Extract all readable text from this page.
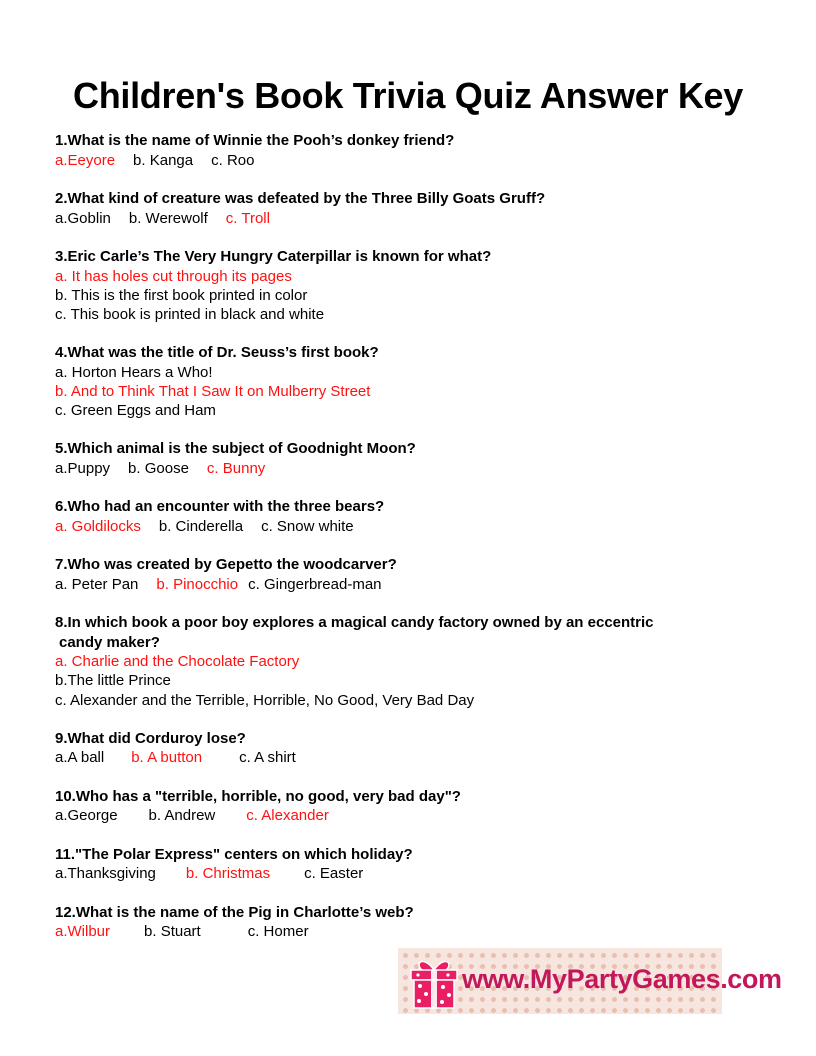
Children's Book Trivia Quiz Answer Key
1.What is the name of Winnie the Pooh’s donkey friend?
a.Eeyore b. Kanga c. Roo
2.What kind of creature was defeated by the Three Billy Goats Gruff?
a.Goblin b. Werewolf c. Troll
3.Eric Carle’s The Very Hungry Caterpillar is known for what?
a. It has holes cut through its pages
b. This is the first book printed in color
c. This book is printed in black and white
4.What was the title of Dr. Seuss’s first book?
a. Horton Hears a Who!
b. And to Think That I Saw It on Mulberry Street
c. Green Eggs and Ham
5.Which animal is the subject of Goodnight Moon?
a.Puppy b. Goose c. Bunny
6.Who had an encounter with the three bears?
a. Goldilocks b. Cinderella c. Snow white
7.Who was created by Gepetto the woodcarver?
a. Peter Pan b. Pinocchio c. Gingerbread-man
8.In which book a poor boy explores a magical candy factory owned by an eccentric
candy maker?
a. Charlie and the Chocolate Factory
b.The little Prince
c. Alexander and the Terrible, Horrible, No Good, Very Bad Day
9.What did Corduroy lose?
a.A ball b. A button c. A shirt
10.Who has a "terrible, horrible, no good, very bad day"?
a.George b. Andrew c. Alexander
11."The Polar Express" centers on which holiday?
a.Thanksgiving b. Christmas c. Easter
12.What is the name of the Pig in Charlotte’s web?
a.Wilbur b. Stuart	c. Homer
www.MyPartyGames.com
